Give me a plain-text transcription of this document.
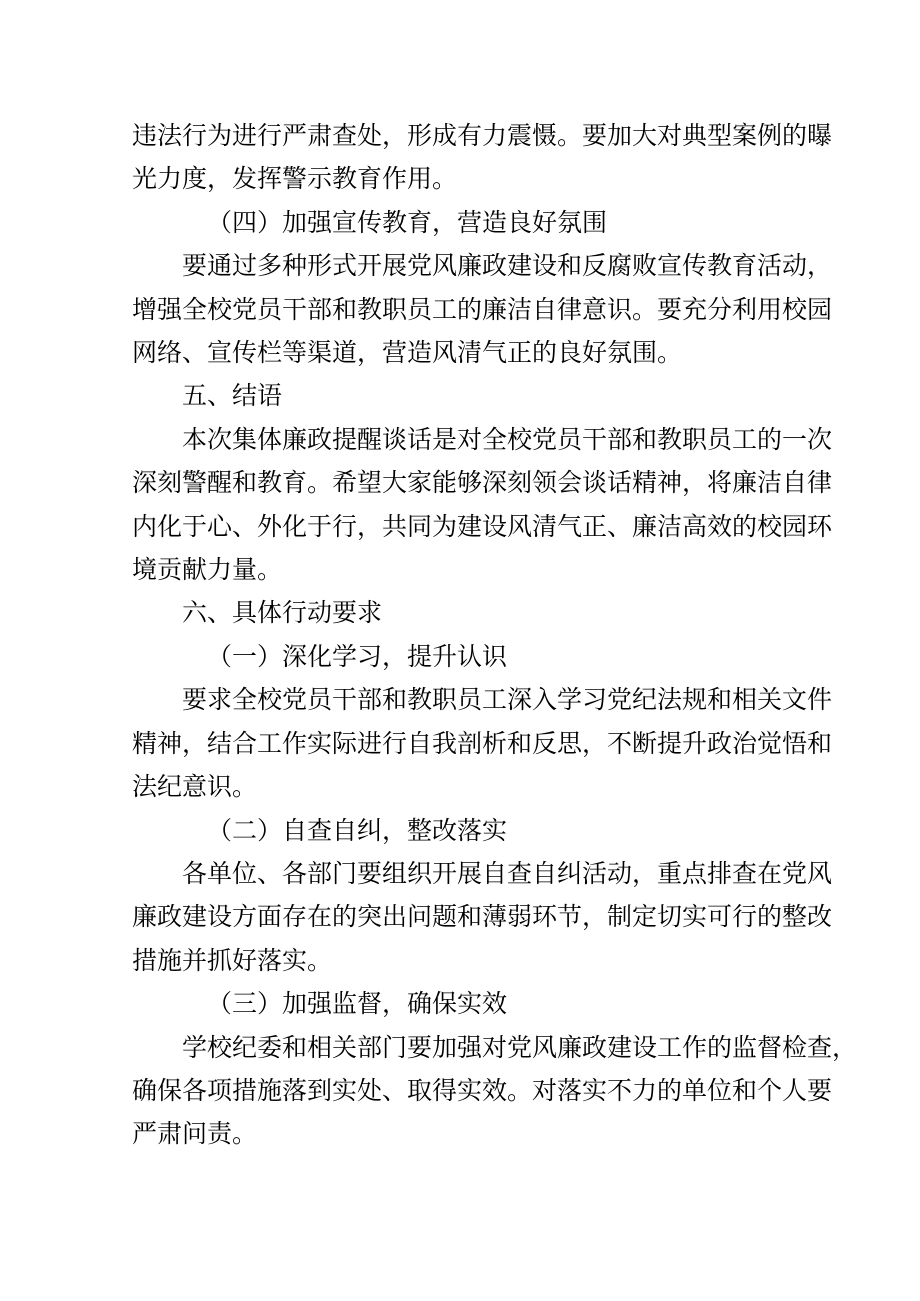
违法行为进行严肃查处，形成有力震慑。要加大对典型案例的曝
光力度，发挥警示教育作用。

（四）加强宣传教育，营造良好氛围

要通过多种形式开展党风廉政建设和反腐败宣传教育活动，
增强全校党员干部和教职员工的廉洁自律意识。要充分利用校园
网络、宣传栏等渠道，营造风清气正的良好氛围。

五、结语

本次集体廉政提醒谈话是对全校党员干部和教职员工的一次
深刻警醒和教育。希望大家能够深刻领会谈话精神，将廉洁自律
内化于心、外化于行，共同为建设风清气正、廉洁高效的校园环
境贡献力量。

六、具体行动要求

（一）深化学习，提升认识

要求全校党员干部和教职员工深入学习党纪法规和相关文件
精神，结合工作实际进行自我剖析和反思，不断提升政治觉悟和
法纪意识。

（二）自查自纠，整改落实

各单位、各部门要组织开展自查自纠活动，重点排查在党风
廉政建设方面存在的突出问题和薄弱环节，制定切实可行的整改
措施并抓好落实。

（三）加强监督，确保实效

学校纪委和相关部门要加强对党风廉政建设工作的监督检查，
确保各项措施落到实处、取得实效。对落实不力的单位和个人要
严肃问责。
